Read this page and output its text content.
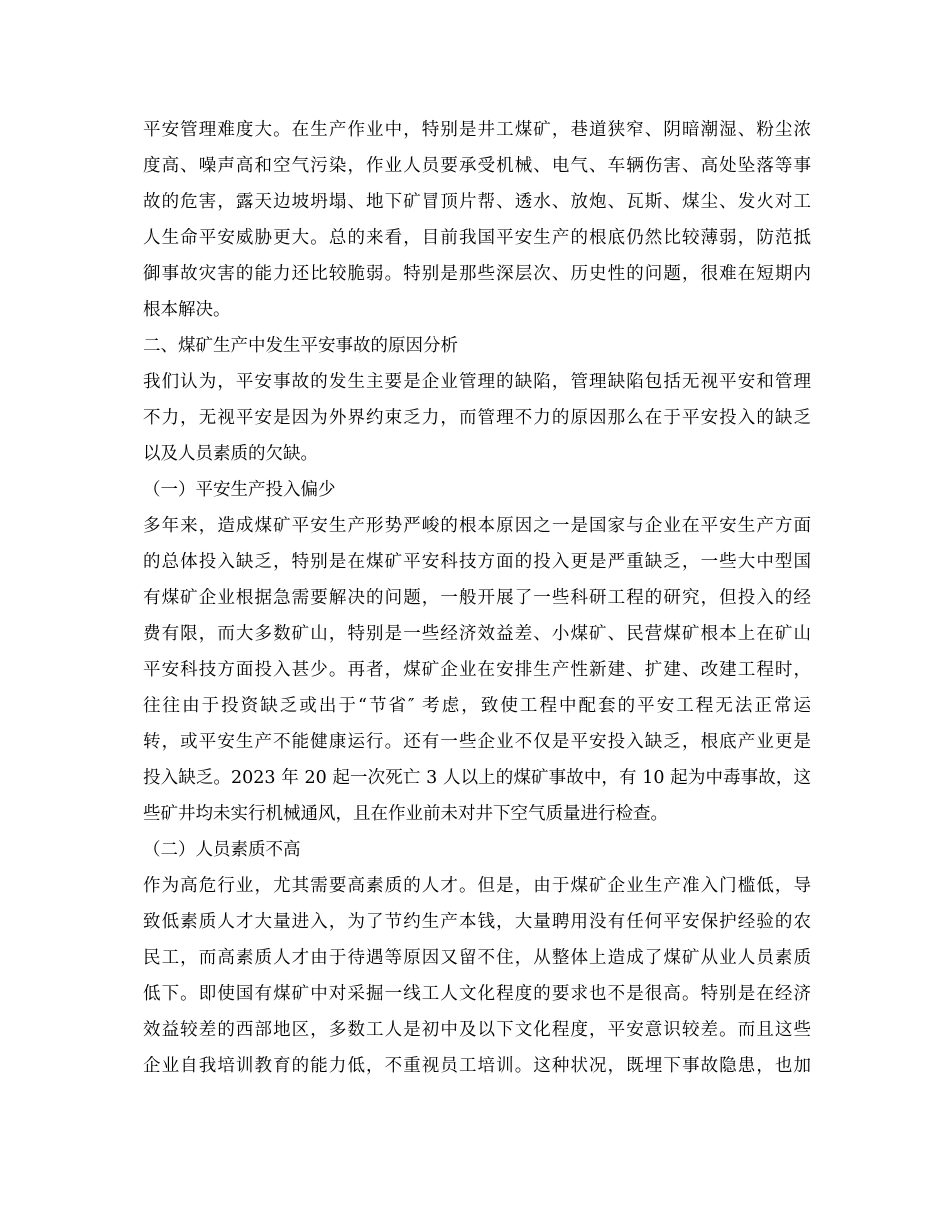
平安管理难度大。在生产作业中，特别是井工煤矿，巷道狭窄、阴暗潮湿、粉尘浓
度高、噪声高和空气污染，作业人员要承受机械、电气、车辆伤害、高处坠落等事
故的危害，露天边坡坍塌、地下矿冒顶片帮、透水、放炮、瓦斯、煤尘、发火对工
人生命平安威胁更大。总的来看，目前我国平安生产的根底仍然比较薄弱，防范抵
御事故灾害的能力还比较脆弱。特别是那些深层次、历史性的问题，很难在短期内
根本解决。
二、煤矿生产中发生平安事故的原因分析
我们认为，平安事故的发生主要是企业管理的缺陷，管理缺陷包括无视平安和管理
不力，无视平安是因为外界约束乏力，而管理不力的原因那么在于平安投入的缺乏
以及人员素质的欠缺。
（一）平安生产投入偏少
多年来，造成煤矿平安生产形势严峻的根本原因之一是国家与企业在平安生产方面
的总体投入缺乏，特别是在煤矿平安科技方面的投入更是严重缺乏，一些大中型国
有煤矿企业根据急需要解决的问题，一般开展了一些科研工程的研究，但投入的经
费有限，而大多数矿山，特别是一些经济效益差、小煤矿、民营煤矿根本上在矿山
平安科技方面投入甚少。再者，煤矿企业在安排生产性新建、扩建、改建工程时，
往往由于投资缺乏或出于“节省″ 考虑，致使工程中配套的平安工程无法正常运
转，或平安生产不能健康运行。还有一些企业不仅是平安投入缺乏，根底产业更是
投入缺乏。2023 年 20 起一次死亡 3 人以上的煤矿事故中，有 10 起为中毒事故，这
些矿井均未实行机械通风，且在作业前未对井下空气质量进行检查。
（二）人员素质不高
作为高危行业，尤其需要高素质的人才。但是，由于煤矿企业生产准入门槛低，导
致低素质人才大量进入，为了节约生产本钱，大量聘用没有任何平安保护经验的农
民工，而高素质人才由于待遇等原因又留不住，从整体上造成了煤矿从业人员素质
低下。即使国有煤矿中对采掘一线工人文化程度的要求也不是很高。特别是在经济
效益较差的西部地区，多数工人是初中及以下文化程度，平安意识较差。而且这些
企业自我培训教育的能力低，不重视员工培训。这种状况，既埋下事故隐患，也加
